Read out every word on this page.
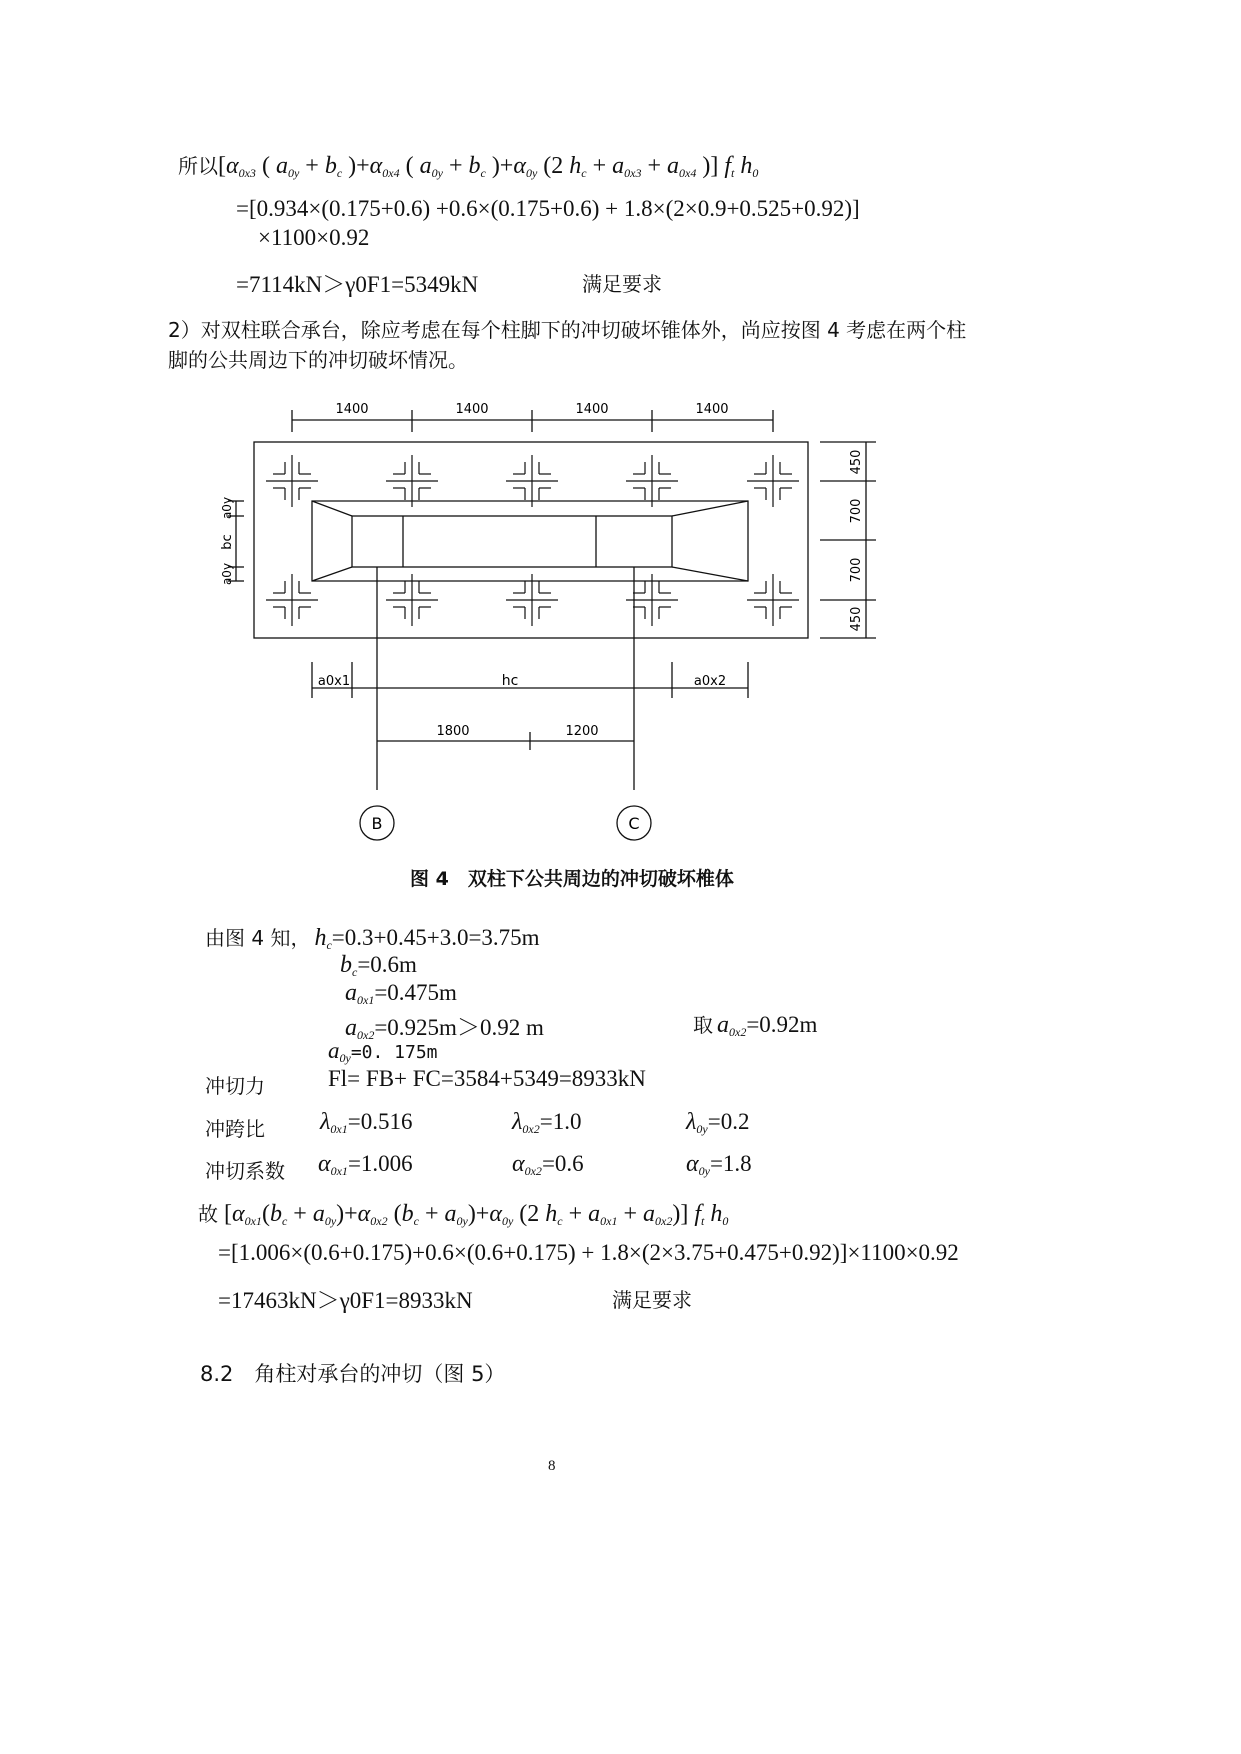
所以[$\alpha_{0x3}$ ( $a_{0y} + b_c$ )$+\alpha_{0x4}$ ( $a_{0y} + b_c$ )$+\alpha_{0y}$ (2 $h_c + a_{0x3} + a_{0x4}$ )] $f_t$ $h_0$
=[0.934×(0.175+0.6) +0.6×(0.175+0.6) + 1.8×(2×0.9+0.525+0.92)]
×1100×0.92
=7114kN＞γ0F1=5349kN	满足要求
2）对双柱联合承台，除应考虑在每个柱脚下的冲切破坏锥体外，尚应按图 4 考虑在两个柱
脚的公共周边下的冲切破坏情况。
1400	1400	1400	1400
450
700
700
450
a0y
bc
a0y
a0x1	hc	a0x2
1800	1200
B	C
图 4　双柱下公共周边的冲切破坏椎体
由图 4 知， $h_c=0.3+0.45+3.0=3.75m$
$b_c=0.6m$
$a_{0x1}=0.475m$
$a_{0x2}=0.925m>0.92$ m	取 $a_{0x2}=0.92m$
$a_{0y}=0$. 175m
冲切力	Fl= FB+ FC=3584+5349=8933kN
冲跨比 $\lambda_{0x1}=0.516$	$\lambda_{0x2}=1.0$	$\lambda_{0y}=0.2$
冲切系数 $\alpha_{0x1}=1.006$	$\alpha_{0x2}=0.6$	$\alpha_{0y}=1.8$
故 [$\alpha_{0x1}(b_c + a_{0y})+\alpha_{0x2}$ $(b_c + a_{0y})+\alpha_{0y}$ (2 $h_c + a_{0x1} + a_{0x2}$)] $f_t$ $h_0$
=[1.006×(0.6+0.175)+0.6×(0.6+0.175) + 1.8×(2×3.75+0.475+0.92)]×1100×0.92
=17463kN＞γ0F1=8933kN	满足要求
8.2　角柱对承台的冲切（图 5）
8
